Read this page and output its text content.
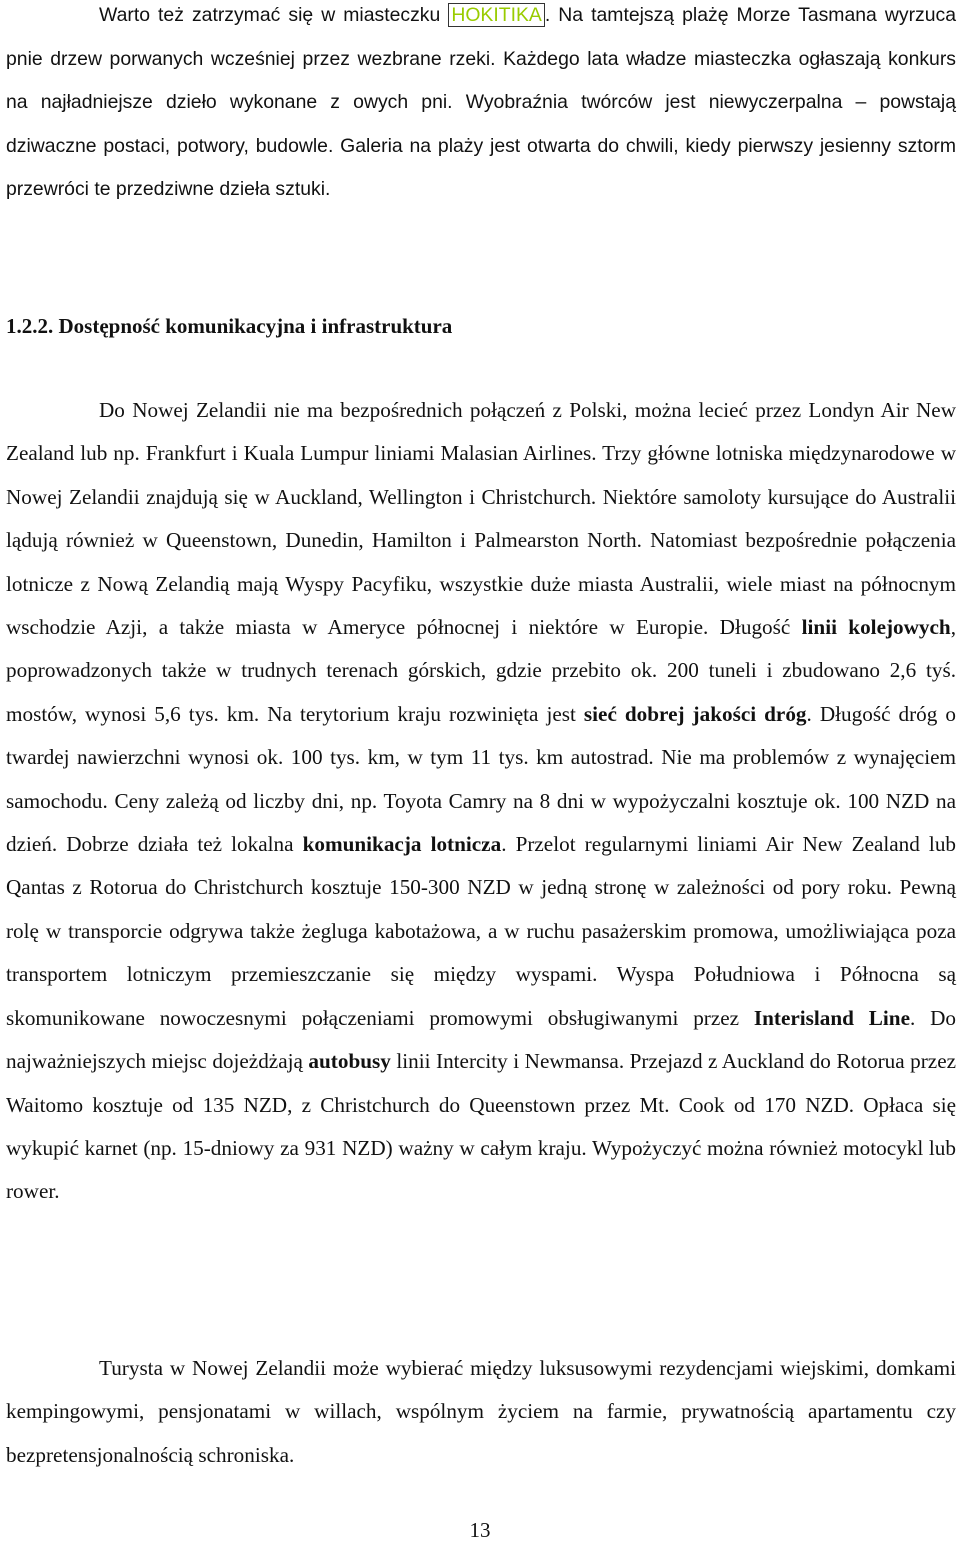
Warto też zatrzymać się w miasteczku HOKITIKA . Na tamtejszą plażę Morze Tasmana wyrzuca pnie drzew porwanych wcześniej przez wezbrane rzeki. Każdego lata władze miasteczka ogłaszają konkurs na najładniejsze dzieło wykonane z owych pni. Wyobraźnia twórców jest niewyczerpalna – powstają dziwaczne postaci, potwory, budowle. Galeria na plaży jest otwarta do chwili, kiedy pierwszy jesienny sztorm przewróci te przedziwne dzieła sztuki.

1.2.2. Dostępność komunikacyjna i infrastruktura

Do Nowej Zelandii nie ma bezpośrednich połączeń z Polski, można lecieć przez Londyn Air New Zealand lub np. Frankfurt i Kuala Lumpur liniami Malasian Airlines. Trzy główne lotniska międzynarodowe w Nowej Zelandii znajdują się w Auckland, Wellington i Christchurch. Niektóre samoloty kursujące do Australii lądują również w Queenstown, Dunedin, Hamilton i Palmearston North. Natomiast bezpośrednie połączenia lotnicze z Nową Zelandią mają Wyspy Pacyfiku, wszystkie duże miasta Australii, wiele miast na północnym wschodzie Azji, a także miasta w Ameryce północnej i niektóre w Europie. Długość linii kolejowych, poprowadzonych także w trudnych terenach górskich, gdzie przebito ok. 200 tuneli i zbudowano 2,6 tyś. mostów, wynosi 5,6 tys. km. Na terytorium kraju rozwinięta jest sieć dobrej jakości dróg. Długość dróg o twardej nawierzchni wynosi ok. 100 tys. km, w tym 11 tys. km autostrad. Nie ma problemów z wynajęciem samochodu. Ceny zależą od liczby dni, np. Toyota Camry na 8 dni w wypożyczalni kosztuje ok. 100 NZD na dzień. Dobrze działa też lokalna komunikacja lotnicza. Przelot regularnymi liniami Air New Zealand lub Qantas z Rotorua do Christchurch kosztuje 150-300 NZD w jedną stronę w zależności od pory roku. Pewną rolę w transporcie odgrywa także żegluga kabotażowa, a w ruchu pasażerskim promowa, umożliwiająca poza transportem lotniczym przemieszczanie się między wyspami. Wyspa Południowa i Północna są skomunikowane nowoczesnymi połączeniami promowymi obsługiwanymi przez Interisland Line. Do najważniejszych miejsc dojeżdżają autobusy linii Intercity i Newmansa. Przejazd z Auckland do Rotorua przez Waitomo kosztuje od 135 NZD, z Christchurch do Queenstown przez Mt. Cook od 170 NZD. Opłaca się wykupić karnet (np. 15-dniowy za 931 NZD) ważny w całym kraju. Wypożyczyć można również motocykl lub rower.

Turysta w Nowej Zelandii może wybierać między luksusowymi rezydencjami wiejskimi, domkami kempingowymi, pensjonatami w willach, wspólnym życiem na farmie, prywatnością apartamentu czy bezpretensjonalnością schroniska.

13
